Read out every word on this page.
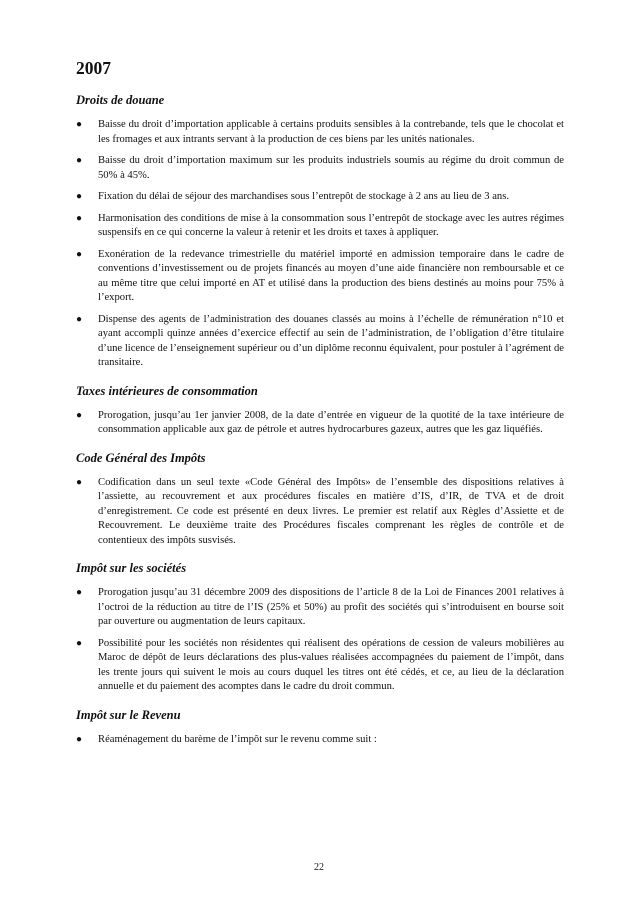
2007
Droits de douane
● Baisse du droit d’importation applicable à certains produits sensibles à la contrebande, tels que le chocolat et les fromages et aux intrants servant à la production de ces biens par les unités nationales.
● Baisse du droit d’importation maximum sur les produits industriels soumis au régime du droit commun de 50% à 45%.
● Fixation du délai de séjour des marchandises sous l’entrepôt de stockage à 2 ans au lieu de 3 ans.
● Harmonisation des conditions de mise à la consommation sous l’entrepôt de stockage avec les autres régimes suspensifs en ce qui concerne la valeur à retenir et les droits et taxes à appliquer.
● Exonération de la redevance trimestrielle du matériel importé en admission temporaire dans le cadre de conventions d’investissement ou de projets financés au moyen d’une aide financière non remboursable et ce au même titre que celui importé en AT et utilisé dans la production des biens destinés au moins pour 75% à l’export.
● Dispense des agents de l’administration des douanes classés au moins à l’échelle de rémunération n°10 et ayant accompli quinze années d’exercice effectif au sein de l’administration, de l’obligation d’être titulaire d’une licence de l’enseignement supérieur ou d’un diplôme reconnu équivalent, pour postuler à l’agrément de transitaire.
Taxes intérieures de consommation
● Prorogation, jusqu’au 1er janvier 2008, de la date d’entrée en vigueur de la quotité de la taxe intérieure de consommation applicable aux gaz de pétrole et autres hydrocarbures gazeux, autres que les gaz liquéfiés.
Code Général des Impôts
● Codification dans un seul texte «Code Général des Impôts» de l’ensemble des dispositions relatives à l’assiette, au recouvrement et aux procédures fiscales en matière d’IS, d’IR, de TVA et de droit d’enregistrement. Ce code est présenté en deux livres. Le premier est relatif aux Règles d’Assiette et de Recouvrement. Le deuxième traite des Procédures fiscales comprenant les règles de contrôle et de contentieux des impôts susvisés.
Impôt sur les sociétés
● Prorogation jusqu’au 31 décembre 2009 des dispositions de l’article 8 de la Loi de Finances 2001 relatives à l’octroi de la réduction au titre de l’IS (25% et 50%) au profit des sociétés qui s’introduisent en bourse soit par ouverture ou augmentation de leurs capitaux.
● Possibilité pour les sociétés non résidentes qui réalisent des opérations de cession de valeurs mobilières au Maroc de dépôt de leurs déclarations des plus-values réalisées accompagnées du paiement de l’impôt, dans les trente jours qui suivent le mois au cours duquel les titres ont été cédés, et ce, au lieu de la déclaration annuelle et du paiement des acomptes dans le cadre du droit commun.
Impôt sur le Revenu
● Réaménagement du barème de l’impôt sur le revenu comme suit :
22
